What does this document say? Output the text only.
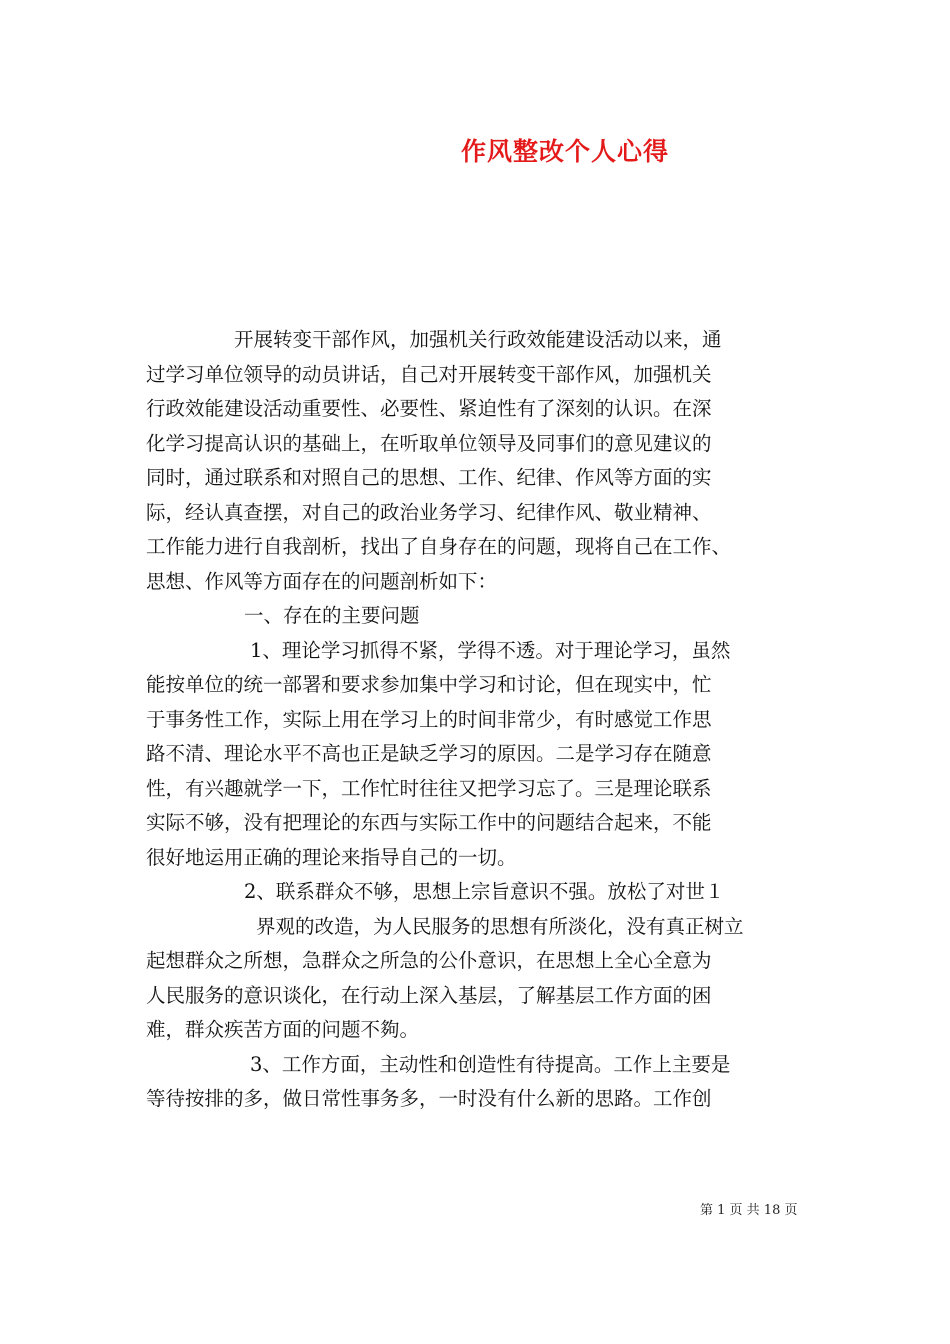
作风整改个人心得
开展转变干部作风，加强机关行政效能建设活动以来，通
过学习单位领导的动员讲话，自己对开展转变干部作风，加强机关
行政效能建设活动重要性、必要性、紧迫性有了深刻的认识。在深
化学习提高认识的基础上，在听取单位领导及同事们的意见建议的
同时，通过联系和对照自己的思想、工作、纪律、作风等方面的实
际，经认真查摆，对自己的政治业务学习、纪律作风、敬业精神、
工作能力进行自我剖析，找出了自身存在的问题，现将自己在工作、
思想、作风等方面存在的问题剖析如下：
一、存在的主要问题
1、理论学习抓得不紧，学得不透。对于理论学习，虽然
能按单位的统一部署和要求参加集中学习和讨论，但在现实中，忙
于事务性工作，实际上用在学习上的时间非常少，有时感觉工作思
路不清、理论水平不高也正是缺乏学习的原因。二是学习存在随意
性，有兴趣就学一下，工作忙时往往又把学习忘了。三是理论联系
实际不够，没有把理论的东西与实际工作中的问题结合起来，不能
很好地运用正确的理论来指导自己的一切。
2、联系群众不够，思想上宗旨意识不强。放松了对世１
界观的改造，为人民服务的思想有所淡化，没有真正树立
起想群众之所想，急群众之所急的公仆意识，在思想上全心全意为
人民服务的意识谈化，在行动上深入基层，了解基层工作方面的困
难，群众疾苦方面的问题不夠。
3、工作方面，主动性和创造性有待提高。工作上主要是
等待按排的多，做日常性事务多，一时没有什么新的思路。工作创
第 1 页 共 18 页
